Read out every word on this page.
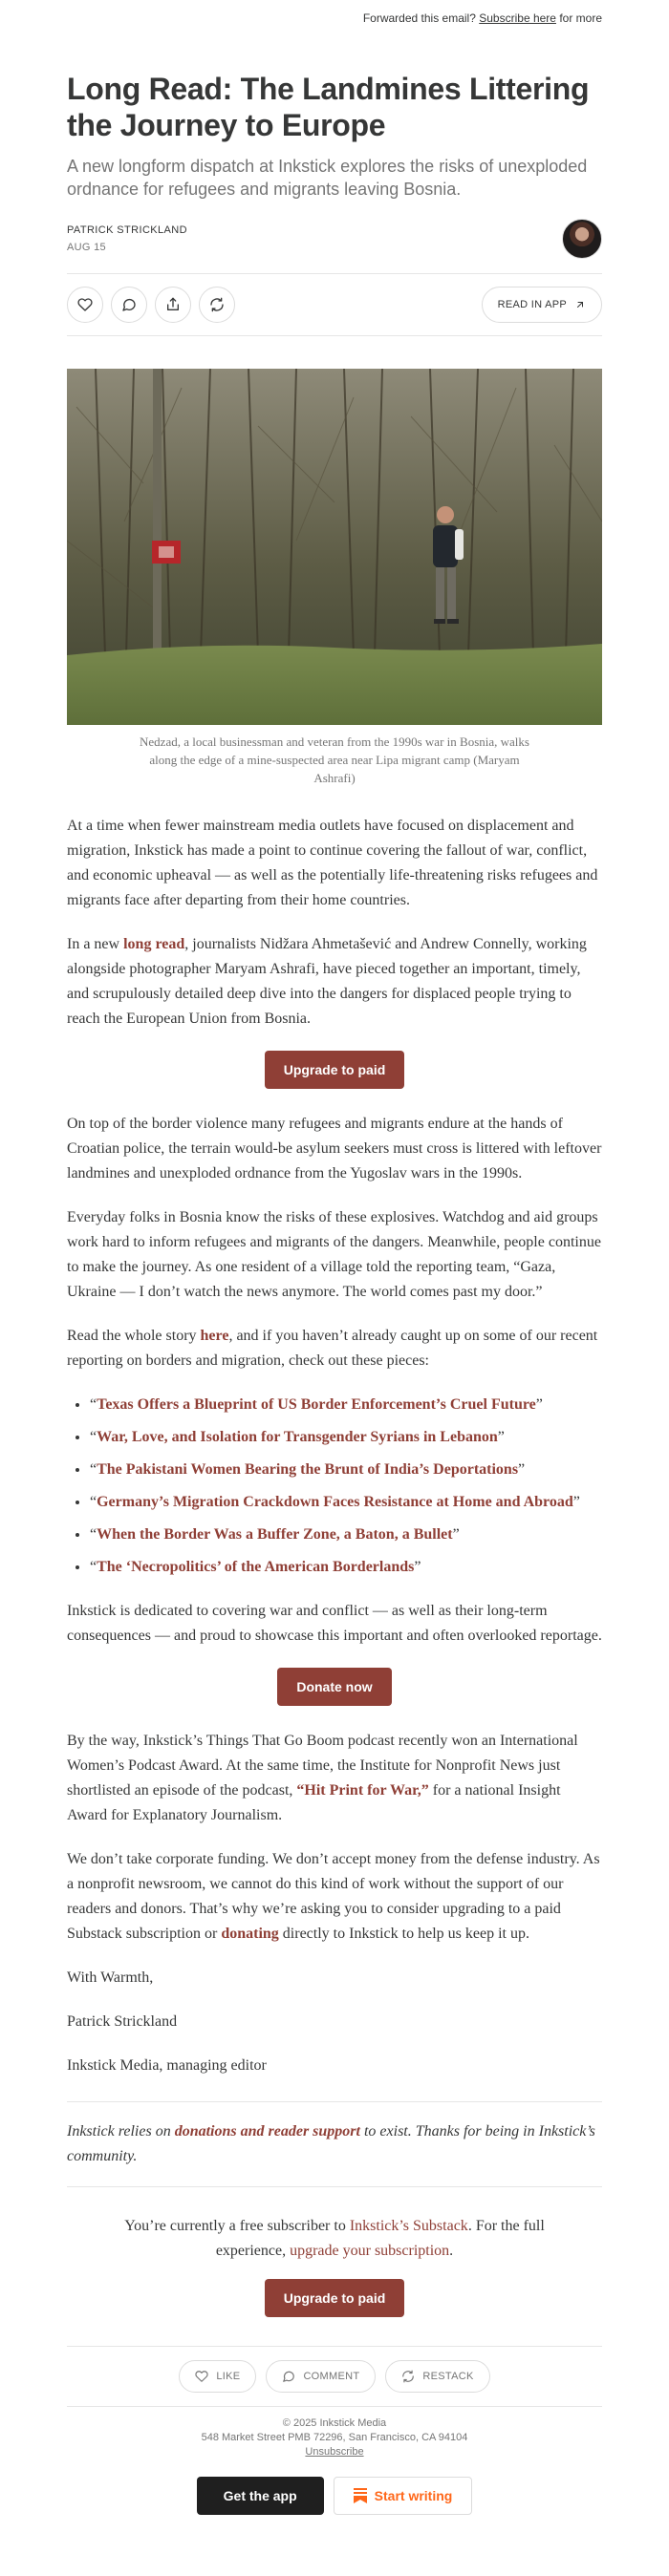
Forwarded this email? Subscribe here for more
Long Read: The Landmines Littering the Journey to Europe
A new longform dispatch at Inkstick explores the risks of unexploded ordnance for refugees and migrants leaving Bosnia.
PATRICK STRICKLAND
AUG 15
READ IN APP
Nedzad, a local businessman and veteran from the 1990s war in Bosnia, walks along the edge of a mine-suspected area near Lipa migrant camp (Maryam Ashrafi)

At a time when fewer mainstream media outlets have focused on displacement and migration, Inkstick has made a point to continue covering the fallout of war, conflict, and economic upheaval — as well as the potentially life-threatening risks refugees and migrants face after departing from their home countries.

In a new long read, journalists Nidžara Ahmetašević and Andrew Connelly, working alongside photographer Maryam Ashrafi, have pieced together an important, timely, and scrupulously detailed deep dive into the dangers for displaced people trying to reach the European Union from Bosnia.

Upgrade to paid

On top of the border violence many refugees and migrants endure at the hands of Croatian police, the terrain would-be asylum seekers must cross is littered with leftover landmines and unexploded ordnance from the Yugoslav wars in the 1990s.

Everyday folks in Bosnia know the risks of these explosives. Watchdog and aid groups work hard to inform refugees and migrants of the dangers. Meanwhile, people continue to make the journey. As one resident of a village told the reporting team, “Gaza, Ukraine — I don’t watch the news anymore. The world comes past my door.”

Read the whole story here, and if you haven’t already caught up on some of our recent reporting on borders and migration, check out these pieces:

• “Texas Offers a Blueprint of US Border Enforcement’s Cruel Future”
• “War, Love, and Isolation for Transgender Syrians in Lebanon”
• “The Pakistani Women Bearing the Brunt of India’s Deportations”
• “Germany’s Migration Crackdown Faces Resistance at Home and Abroad”
• “When the Border Was a Buffer Zone, a Baton, a Bullet”
• “The ‘Necropolitics’ of the American Borderlands”

Inkstick is dedicated to covering war and conflict — as well as their long-term consequences — and proud to showcase this important and often overlooked reportage.

Donate now

By the way, Inkstick’s Things That Go Boom podcast recently won an International Women’s Podcast Award. At the same time, the Institute for Nonprofit News just shortlisted an episode of the podcast, “Hit Print for War,” for a national Insight Award for Explanatory Journalism.

We don’t take corporate funding. We don’t accept money from the defense industry. As a nonprofit newsroom, we cannot do this kind of work without the support of our readers and donors. That’s why we’re asking you to consider upgrading to a paid Substack subscription or donating directly to Inkstick to help us keep it up.

With Warmth,

Patrick Strickland

Inkstick Media, managing editor

Inkstick relies on donations and reader support to exist. Thanks for being in Inkstick’s community.

You’re currently a free subscriber to Inkstick’s Substack. For the full experience, upgrade your subscription.
Upgrade to paid
LIKE	COMMENT	RESTACK
© 2025 Inkstick Media
548 Market Street PMB 72296, San Francisco, CA 94104
Unsubscribe
Get the app	Start writing
